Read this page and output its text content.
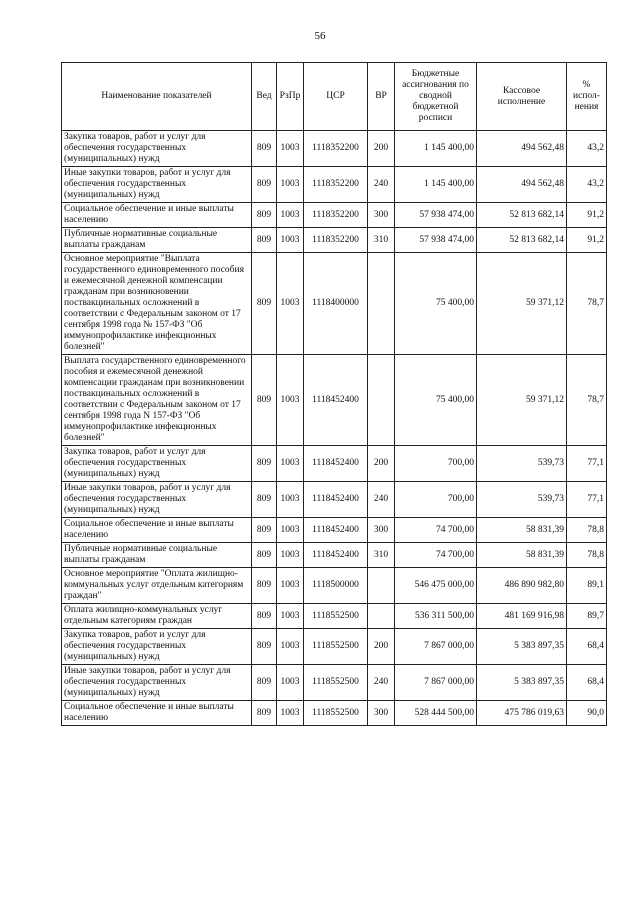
56
Наименование показателей	Вед	РзПр	ЦСР	ВР	Бюджетные ассигнования по сводной бюджетной росписи	Кассовое исполнение	% испол-нения
Закупка товаров, работ и услуг для обеспечения государственных (муниципальных) нужд	809	1003	1118352200	200	1 145 400,00	494 562,48	43,2
Иные закупки товаров, работ и услуг для обеспечения государственных (муниципальных) нужд	809	1003	1118352200	240	1 145 400,00	494 562,48	43,2
Социальное обеспечение и иные выплаты населению	809	1003	1118352200	300	57 938 474,00	52 813 682,14	91,2
Публичные нормативные социальные выплаты гражданам	809	1003	1118352200	310	57 938 474,00	52 813 682,14	91,2
Основное мероприятие "Выплата государственного единовременного пособия и ежемесячной денежной компенсации гражданам при возникновении поствакцинальных осложнений в соответствии с Федеральным законом от 17 сентября 1998 года № 157-ФЗ "Об иммунопрофилактике инфекционных болезней"	809	1003	1118400000		75 400,00	59 371,12	78,7
Выплата государственного единовременного пособия и ежемесячной денежной компенсации гражданам при возникновении поствакцинальных осложнений в соответствии с Федеральным законом от 17 сентября 1998 года N 157-ФЗ "Об иммунопрофилактике инфекционных болезней"	809	1003	1118452400		75 400,00	59 371,12	78,7
Закупка товаров, работ и услуг для обеспечения государственных (муниципальных) нужд	809	1003	1118452400	200	700,00	539,73	77,1
Иные закупки товаров, работ и услуг для обеспечения государственных (муниципальных) нужд	809	1003	1118452400	240	700,00	539,73	77,1
Социальное обеспечение и иные выплаты населению	809	1003	1118452400	300	74 700,00	58 831,39	78,8
Публичные нормативные социальные выплаты гражданам	809	1003	1118452400	310	74 700,00	58 831,39	78,8
Основное мероприятие "Оплата жилищно-коммунальных услуг отдельным категориям граждан"	809	1003	1118500000		546 475 000,00	486 890 982,80	89,1
Оплата жилищно-коммунальных услуг отдельным категориям граждан	809	1003	1118552500		536 311 500,00	481 169 916,98	89,7
Закупка товаров, работ и услуг для обеспечения государственных (муниципальных) нужд	809	1003	1118552500	200	7 867 000,00	5 383 897,35	68,4
Иные закупки товаров, работ и услуг для обеспечения государственных (муниципальных) нужд	809	1003	1118552500	240	7 867 000,00	5 383 897,35	68,4
Социальное обеспечение и иные выплаты населению	809	1003	1118552500	300	528 444 500,00	475 786 019,63	90,0
